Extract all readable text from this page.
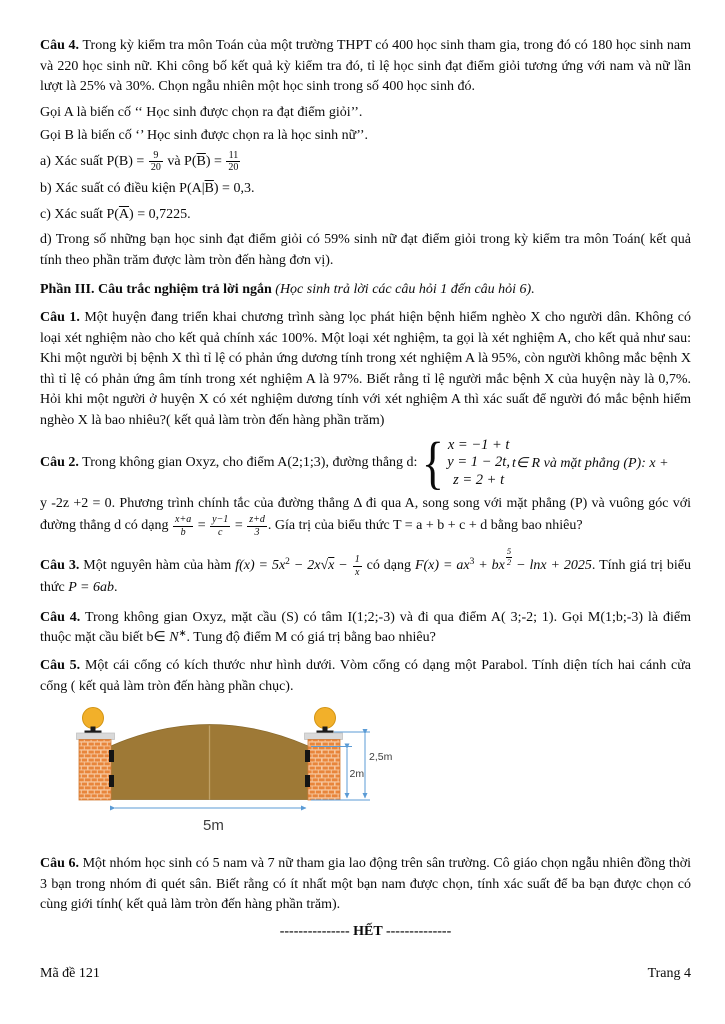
Câu 4. Trong kỳ kiểm tra môn Toán của một trường THPT có 400 học sinh tham gia, trong đó có 180 học sinh nam và 220 học sinh nữ. Khi công bố kết quả kỳ kiểm tra đó, tỉ lệ học sinh đạt điểm giỏi tương ứng với nam và nữ lần lượt là 25% và 30%. Chọn ngẫu nhiên một học sinh trong số 400 học sinh đó.

Gọi A là biến cố ‘‘ Học sinh được chọn ra đạt điểm giỏi’’.

Gọi B là biến cố ‘’ Học sinh được chọn ra là học sinh nữ’’.

a) Xác suất $P(B) = \frac{9}{20}$ và $P(\overline{B}) = \frac{11}{20}$
b) Xác suất có điều kiện $P(A|\overline{B}) = 0,3$.
c) Xác suất $P(\overline{A}) = 0,7225$.

d) Trong số những bạn học sinh đạt điểm giỏi có 59% sinh nữ đạt điểm giỏi trong kỳ kiểm tra môn Toán( kết quả tính theo phần trăm được làm tròn đến hàng đơn vị).

Phần III. Câu trắc nghiệm trả lời ngắn (Học sinh trả lời các câu hỏi 1 đến câu hỏi 6).

Câu 1. Một huyện đang triển khai chương trình sàng lọc phát hiện bệnh hiểm nghèo X cho người dân. Không có loại xét nghiệm nào cho kết quả chính xác 100%. Một loại xét nghiệm, ta gọi là xét nghiệm A, cho kết quả như sau: Khi một người bị bệnh X thì tỉ lệ có phản ứng dương tính trong xét nghiệm A là 95%, còn người không mắc bệnh X thì tỉ lệ có phản ứng âm tính trong xét nghiệm A là 97%. Biết rằng tỉ lệ người mắc bệnh X của huyện này là 0,7%. Hỏi khi một người ở huyện X có xét nghiệm dương tính với xét nghiệm A thì xác suất để người đó mắc bệnh hiểm nghèo X là bao nhiêu?( kết quả làm tròn đến hàng phần trăm)

Câu 2. Trong không gian Oxyz, cho điểm A(2;1;3), đường thẳng d: { x = −1 + t
y = 1 − 2t,
z = 2 + t
t∈ R và mặt phẳng (P): x +

y -2z +2 = 0. Phương trình chính tắc của đường thẳng Δ đi qua A, song song với mặt phẳng (P) và vuông góc với đường thẳng d có dạng $\frac{x+a}{b} = \frac{y-1}{c} = \frac{z+d}{3}$ . Gía trị của biểu thức T = a + b + c + d bằng bao nhiêu?

Câu 3. Một nguyên hàm của hàm $f(x) = 5x^2 - 2x√x - \frac{1}{x}$ có dạng $F(x) = ax^3$ + bx $\frac{5}{2} - \ln x + 2025$. Tính giá trị biểu thức P = 6ab.

Câu 4. Trong không gian Oxyz, mặt cầu (S) có tâm I(1;2;-3) và đi qua điểm A( 3;-2; 1). Gọi M(1;b;-3) là điểm thuộc mặt cầu biết b∈ N∗. Tung độ điểm M có giá trị bằng bao nhiêu?

Câu 5. Một cái cổng có kích thước như hình dưới. Vòm cổng có dạng một Parabol. Tính diện tích hai cánh cửa cổng ( kết quả làm tròn đến hàng phần chục).

2m
2,5m
5m

Câu 6. Một nhóm học sinh có 5 nam và 7 nữ tham gia lao động trên sân trường. Cô giáo chọn ngẫu nhiên đồng thời 3 bạn trong nhóm đi quét sân. Biết rằng có ít nhất một bạn nam được chọn, tính xác suất để ba bạn được chọn có cùng giới tính( kết quả làm tròn đến hàng phần trăm).

--------------- HẾT --------------

Mã đề 121	Trang 4
